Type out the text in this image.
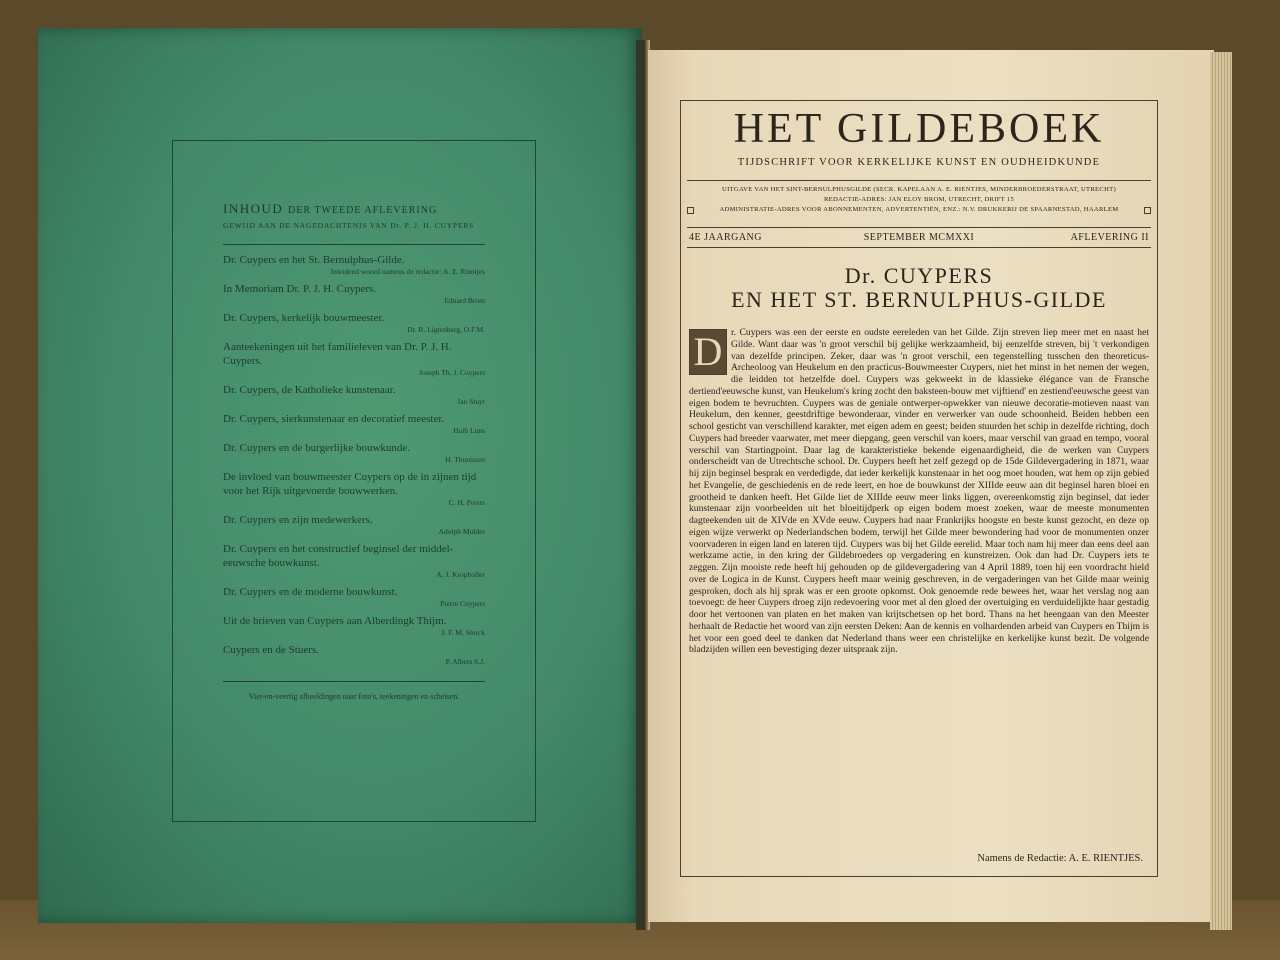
INHOUD DER TWEEDE AFLEVERING
GEWIJD AAN DE NAGEDACHTENIS VAN Dr. P. J. H. CUYPERS
Dr. Cuypers en het St. Bernulphus-Gilde.
Inleidend woord namens de redactie: A. E. Rientjes
In Memoriam Dr. P. J. H. Cuypers.
Eduard Brom
Dr. Cuypers, kerkelijk bouwmeester.
Dr. R. Ligtenberg, O.F.M.
Aanteekeningen uit het familieleven van Dr. P. J. H. Cuypers.
Joseph Th. J. Cuypers
Dr. Cuypers, de Katholieke kunstenaar.
Jan Stuyt
Dr. Cuypers, sierkunstenaar en decoratief meester.
Huib Luns
Dr. Cuypers en de burgerlijke bouwkunde.
H. Thunissen
De invloed van bouwmeester Cuypers op de in zijnen tijd voor het Rijk uitgevoerde bouwwerken.
C. H. Peters
Dr. Cuypers en zijn medewerkers.
Adolph Mulder
Dr. Cuypers en het constructief beginsel der middel-eeuwsche bouwkunst.
A. J. Kropholler
Dr. Cuypers en de moderne bouwkunst.
Pierre Cuypers
Uit de brieven van Cuypers aan Alberdingk Thijm.
J. F. M. Sterck
Cuypers en de Stuers.
P. Albers S.J.
Vier-en-veertig afbeeldingen naar foto's, teekeningen en schetsen.
HET GILDEBOEK
TIJDSCHRIFT VOOR KERKELIJKE KUNST EN OUDHEIDKUNDE
UITGAVE VAN HET SINT-BERNULPHUSGILDE (SECR. KAPELAAN A. E. RIENTJES, MINDERBROEDERSTRAAT, UTRECHT)
REDACTIE-ADRES: JAN ELOY BROM, UTRECHT, DRIFT 15
ADMINISTRATIE-ADRES VOOR ABONNEMENTEN, ADVERTENTIËN, ENZ.: N.V. DRUKKERIJ DE SPAARNESTAD, HAARLEM
4E JAARGANG	SEPTEMBER MCMXXI	AFLEVERING II
Dr. CUYPERS
EN HET ST. BERNULPHUS-GILDE
D r. Cuypers was een der eerste en oudste eereleden van het Gilde. Zijn streven liep meer met en naast het Gilde. Want daar was 'n groot verschil bij gelijke werkzaamheid, bij eenzelfde streven, bij 't verkondigen van dezelfde principen. Zeker, daar was 'n groot verschil, een tegenstelling tusschen den theoreticus-Archeoloog van Heukelum en den practicus-Bouwmeester Cuypers, niet het minst in het nemen der wegen, die leidden tot hetzelfde doel. Cuypers was gekweekt in de klassieke élégance van de Fransche dertiend'eeuwsche kunst, van Heukelum's kring zocht den baksteen-bouw met vijftiend' en zestiend'eeuwsche geest van eigen bodem te bevruchten. Cuypers was de geniale ontwerper-opwekker van nieuwe decoratie-motieven naast van Heukelum, den kenner, geestdriftige bewonderaar, vinder en verwerker van oude schoonheid. Beiden hebben een school gesticht van verschillend karakter, met eigen adem en geest; beiden stuurden het schip in dezelfde richting, doch Cuypers had breeder vaarwater, met meer diepgang, geen verschil van koers, maar verschil van graad en tempo, vooral verschil van Startingpoint. Daar lag de karakteristieke bekende eigenaardigheid, die de werken van Cuypers onderscheidt van de Utrechtsche school. Dr. Cuypers heeft het zelf gezegd op de 15de Gildevergadering in 1871, waar hij zijn beginsel besprak en verdedigde, dat ieder kerkelijk kunstenaar in het oog moet houden, wat hem op zijn gebied het Evangelie, de geschiedenis en de rede leert, en hoe de bouwkunst der XIIIde eeuw aan dit beginsel haren bloei en grootheid te danken heeft. Het Gilde liet de XIIIde eeuw meer links liggen, overeenkomstig zijn beginsel, dat ieder kunstenaar zijn voorbeelden uit het bloeitijdperk op eigen bodem moest zoeken, waar de meeste monumenten dagteekenden uit de XIVde en XVde eeuw. Cuypers had naar Frankrijks hoogste en beste kunst gezocht, en deze op eigen wijze verwerkt op Nederlandschen bodem, terwijl het Gilde meer bewondering had voor de monumenten onzer voorvaderen in eigen land en lateren tijd. Cuypers was bij het Gilde eerelid. Maar toch nam hij meer dan eens deel aan werkzame actie, in den kring der Gildebroeders op vergadering en kunstreizen. Ook dan had Dr. Cuypers iets te zeggen. Zijn mooiste rede heeft hij gehouden op de gildevergadering van 4 April 1889, toen hij een voordracht hield over de Logica in de Kunst. Cuypers heeft maar weinig geschreven, in de vergaderingen van het Gilde maar weinig gesproken, doch als hij sprak was er een groote opkomst. Ook genoemde rede bewees het, waar het verslag nog aan toevoegt: de heer Cuypers droeg zijn redevoering voor met al den gloed der overtuiging en verduidelijkte haar gestadig door het vertoonen van platen en het maken van krijtschetsen op het bord. Thans na het heengaan van den Meester herhaalt de Redactie het woord van zijn eersten Deken: Aan de kennis en volhardenden arbeid van Cuypers en Thijm is het voor een goed deel te danken dat Nederland thans weer een christelijke en kerkelijke kunst bezit. De volgende bladzijden willen een bevestiging dezer uitspraak zijn.

Namens de Redactie: A. E. RIENTJES.
